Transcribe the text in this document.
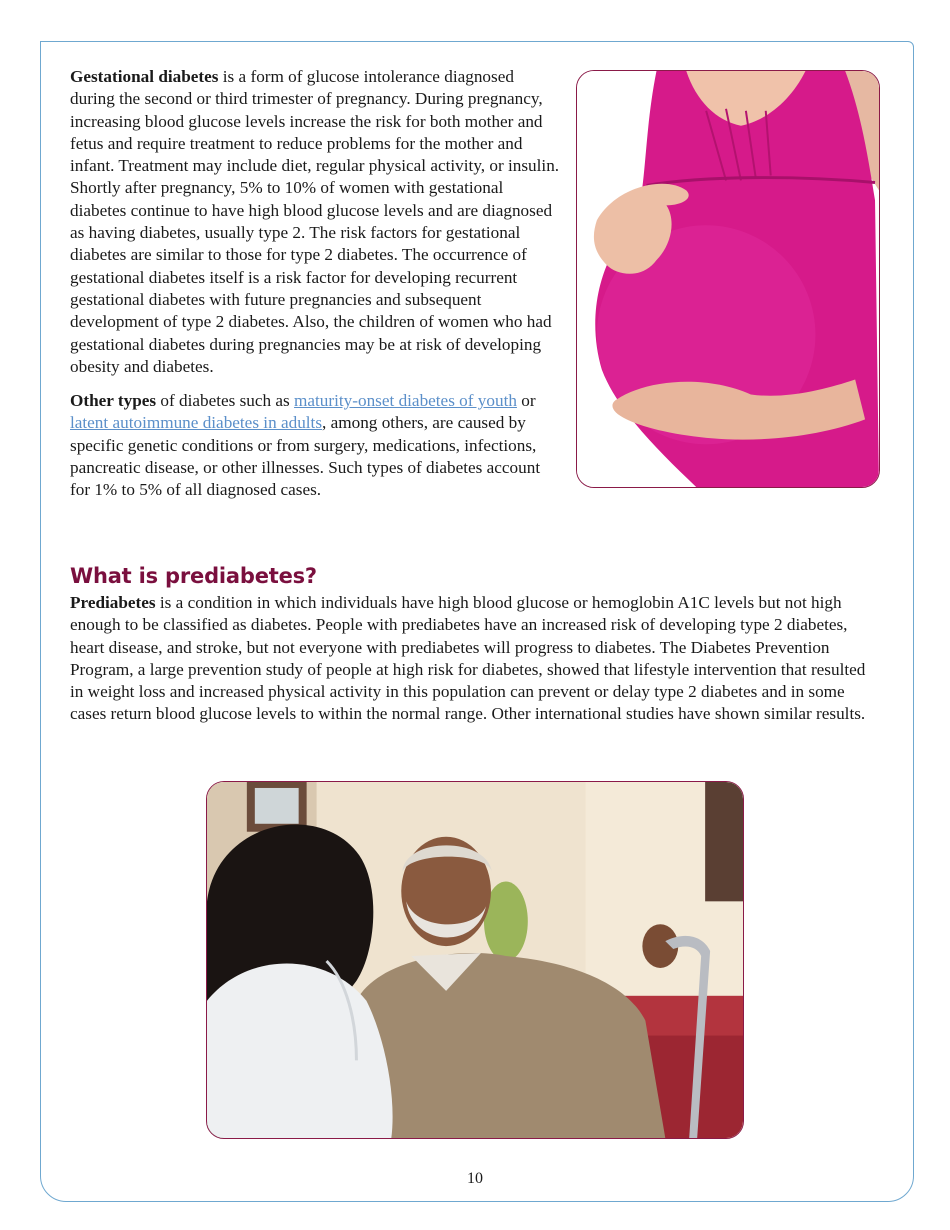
Gestational diabetes is a form of glucose intolerance diagnosed during the second or third trimester of pregnancy. During pregnancy, increasing blood glucose levels increase the risk for both mother and fetus and require treatment to reduce problems for the mother and infant. Treatment may include diet, regular physical activity, or insulin. Shortly after pregnancy, 5% to 10% of women with gestational diabetes continue to have high blood glucose levels and are diagnosed as having diabetes, usually type 2. The risk factors for gestational diabetes are similar to those for type 2 diabetes. The occurrence of gestational diabetes itself is a risk factor for developing recurrent gestational diabetes with future pregnancies and subsequent development of type 2 diabetes. Also, the children of women who had gestational diabetes during pregnancies may be at risk of developing obesity and diabetes.

Other types of diabetes such as maturity-onset diabetes of youth or latent autoimmune diabetes in adults, among others, are caused by specific genetic conditions or from surgery, medications, infections, pancreatic disease, or other illnesses. Such types of diabetes account for 1% to 5% of all diagnosed cases.

What is prediabetes?
Prediabetes is a condition in which individuals have high blood glucose or hemoglobin A1C levels but not high enough to be classified as diabetes. People with prediabetes have an increased risk of developing type 2 diabetes, heart disease, and stroke, but not everyone with prediabetes will progress to diabetes. The Diabetes Prevention Program, a large prevention study of people at high risk for diabetes, showed that lifestyle intervention that resulted in weight loss and increased physical activity in this population can prevent or delay type 2 diabetes and in some cases return blood glucose levels to within the normal range. Other international studies have shown similar results.
10
